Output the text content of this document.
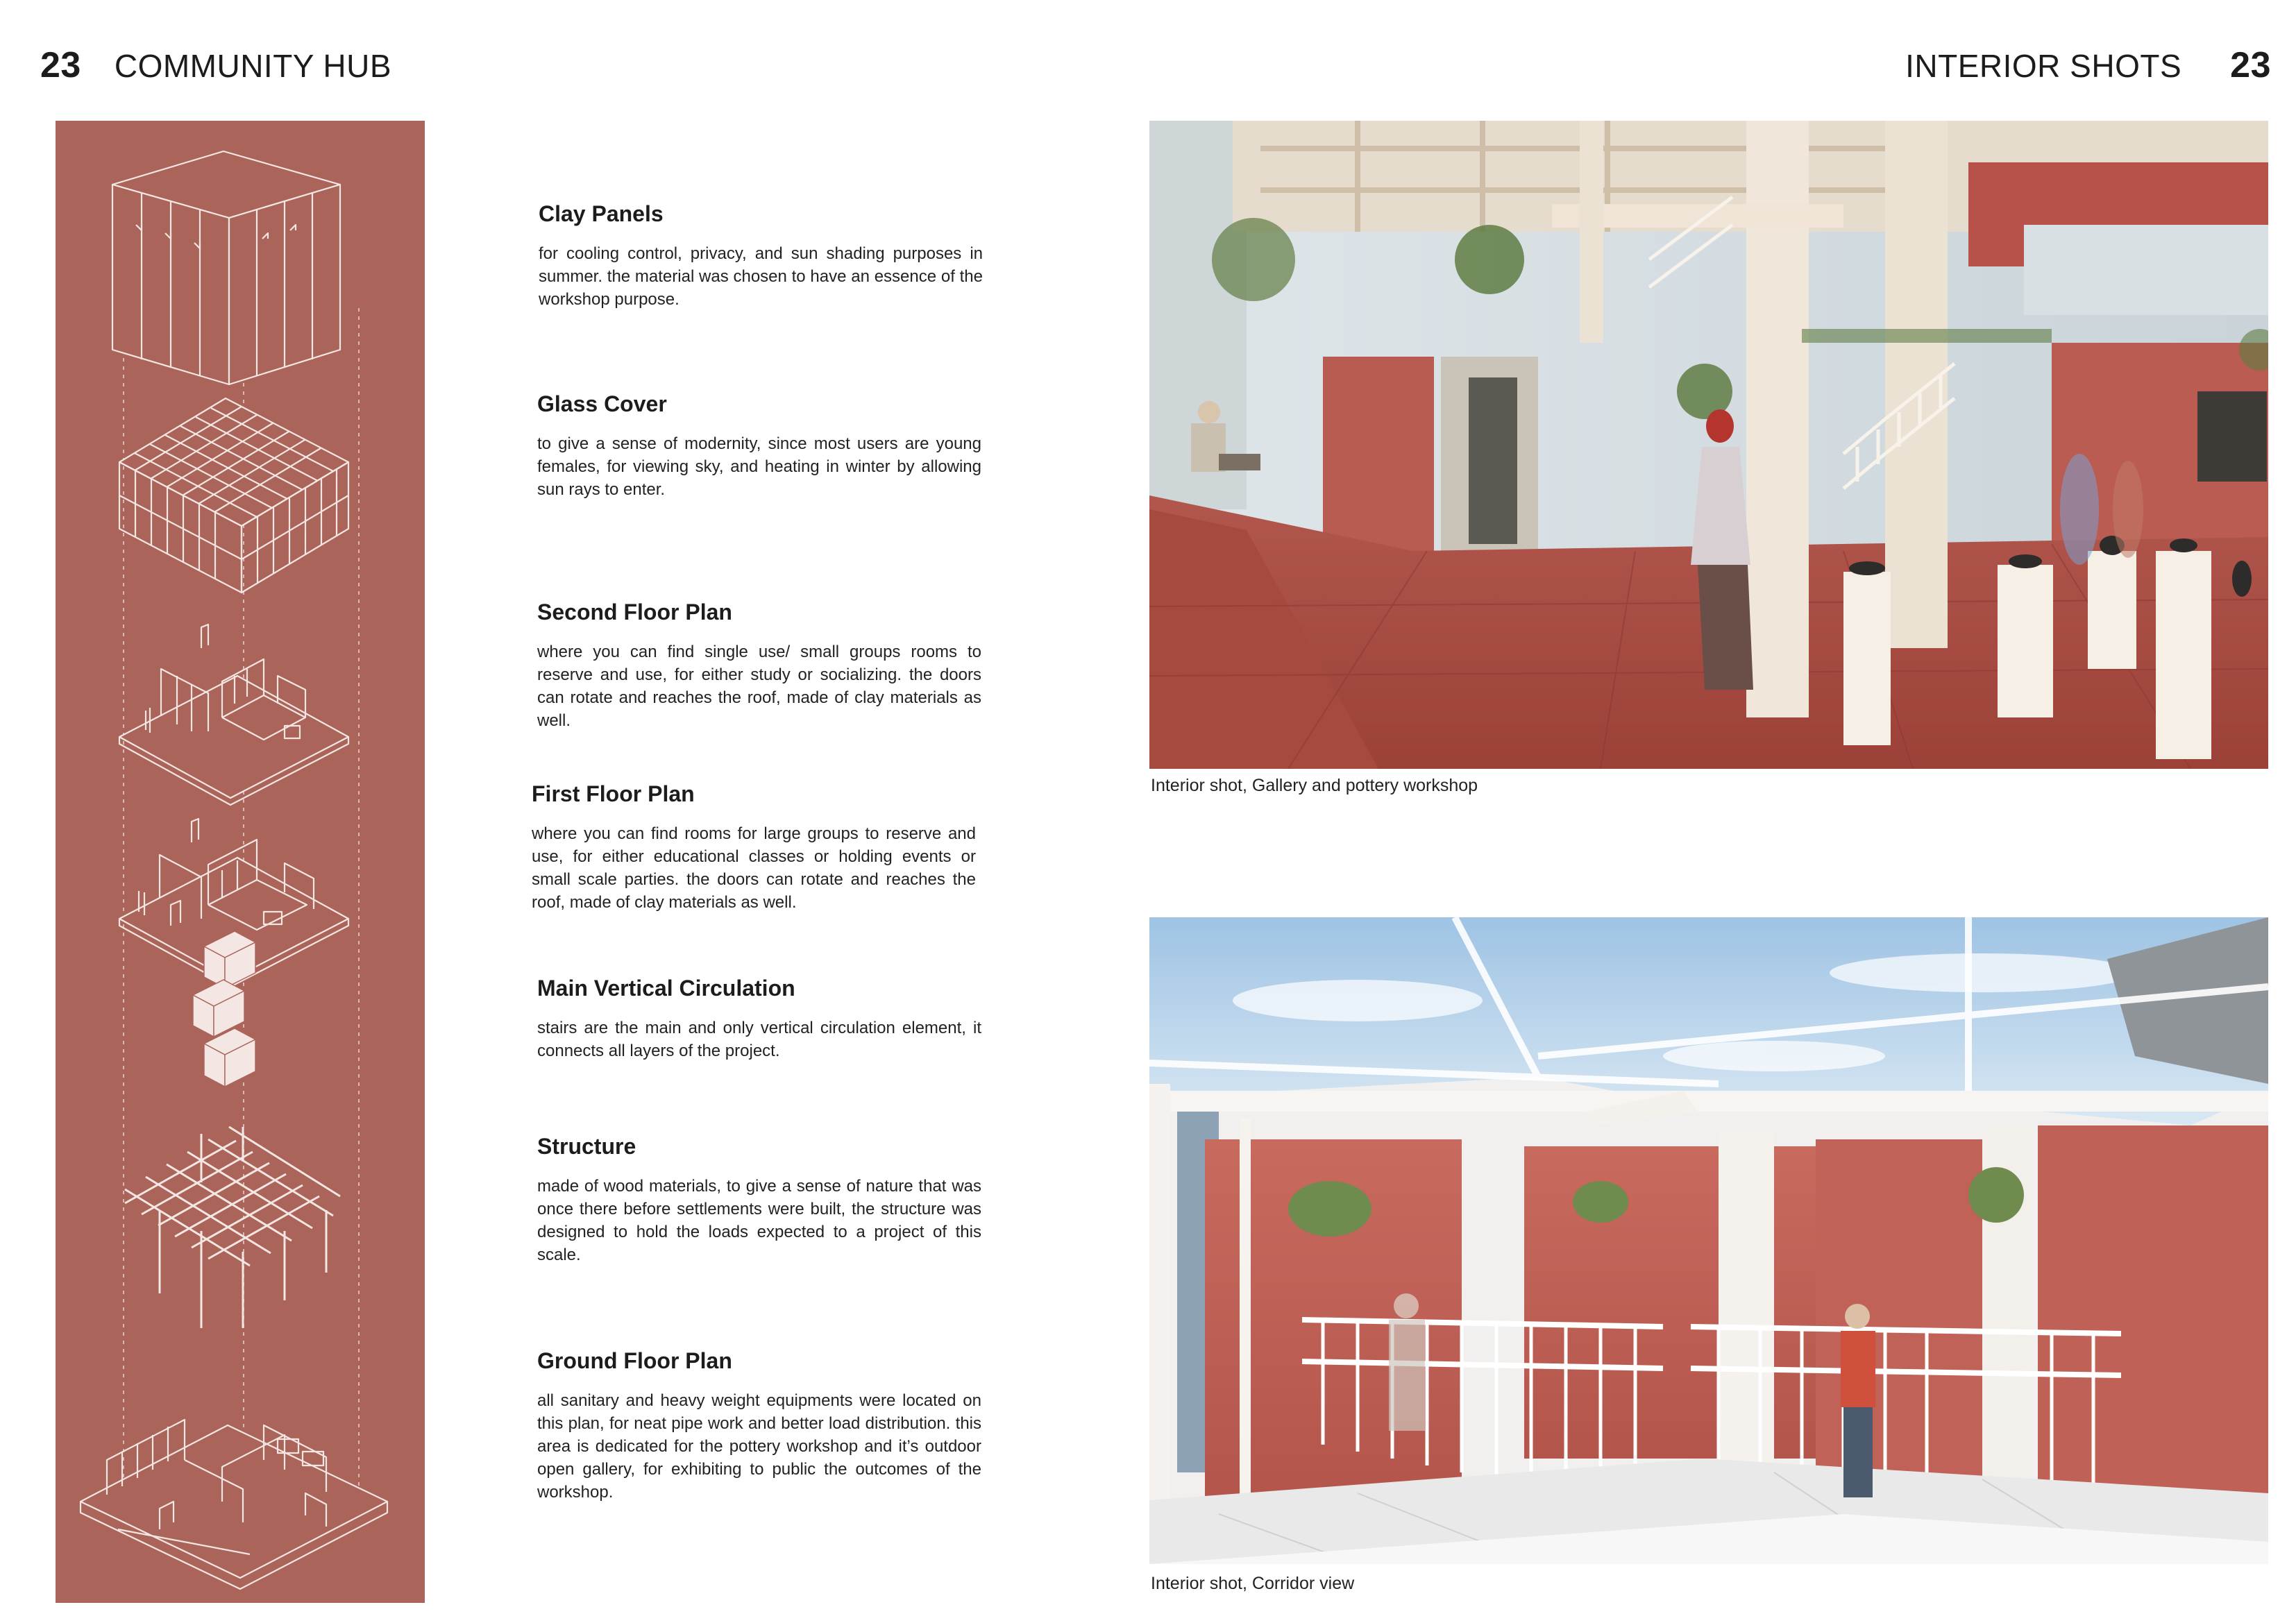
23 COMMUNITY HUB	INTERIOR SHOTS 23
Clay Panels

for cooling control, privacy, and sun shading purposes in summer. the material was chosen to have an essence of the workshop purpose.

Glass Cover

to give a sense of modernity, since most users are young females, for viewing sky, and heating in winter by allowing sun rays to enter.

Second Floor Plan

where you can find single use/ small groups rooms to reserve and use, for either study or socializing. the doors can rotate and reaches the roof, made of clay materials as well.

First Floor Plan

where you can find rooms for large groups to reserve and use, for either educational classes or holding events or small scale parties. the doors can rotate and reaches the roof, made of clay materials as well.

Main Vertical Circulation

stairs are the main and only vertical circulation element, it connects all layers of the project.

Structure

made of wood materials, to give a sense of nature that was once there before settlements were built, the structure was designed to hold the loads expected to a project of this scale.

Ground Floor Plan

all sanitary and heavy weight equipments were located on this plan, for neat pipe work and better load distribution. this area is dedicated for the pottery workshop and it’s outdoor open gallery, for exhibiting to public the outcomes of the workshop.

Interior shot, Gallery and pottery workshop
Interior shot, Corridor view
